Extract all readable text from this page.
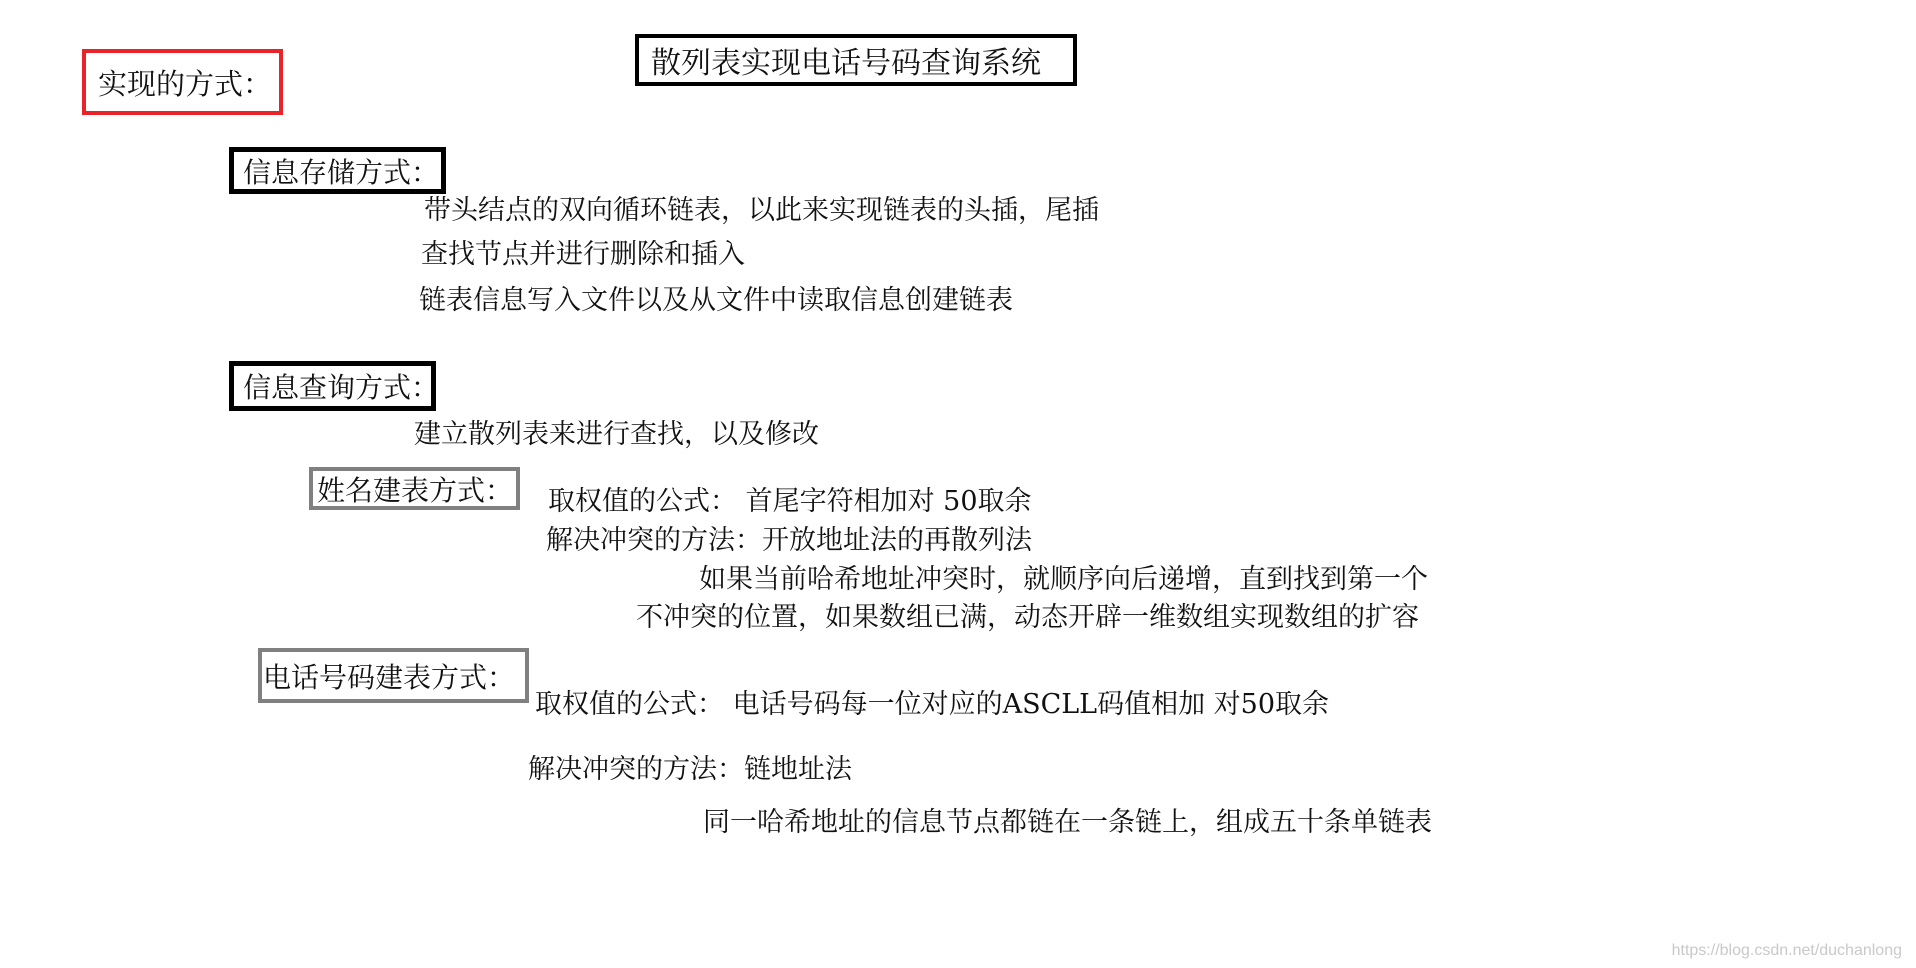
散列表实现电话号码查询系统
实现的方式：
信息存储方式：
带头结点的双向循环链表，以此来实现链表的头插，尾插
查找节点并进行删除和插入
链表信息写入文件以及从文件中读取信息创建链表
信息查询方式：
建立散列表来进行查找，以及修改
姓名建表方式： 取权值的公式： 首尾字符相加对 50取余
解决冲突的方法：开放地址法的再散列法
如果当前哈希地址冲突时，就顺序向后递增，直到找到第一个
不冲突的位置，如果数组已满，动态开辟一维数组实现数组的扩容
电话号码建表方式：
取权值的公式： 电话号码每一位对应的ASCLL码值相加 对50取余
解决冲突的方法：链地址法
同一哈希地址的信息节点都链在一条链上，组成五十条单链表
https://blog.csdn.net/duchanlong
